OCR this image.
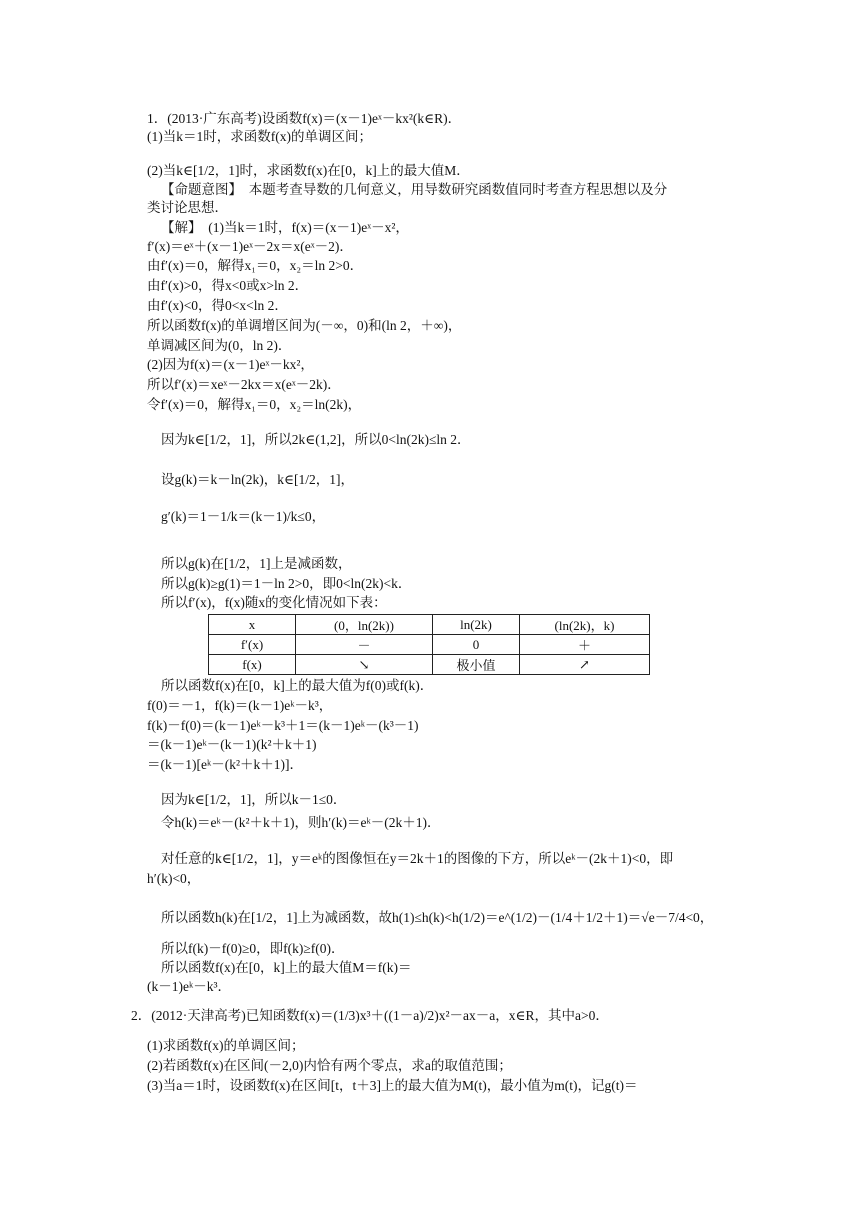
1．(2013·广东高考)设函数f(x)＝(x－1)eˣ－kx²(k∈R)．
(1)当k＝1时，求函数f(x)的单调区间；
(2)当k∈[1/2，1]时，求函数f(x)在[0，k]上的最大值M．
【命题意图】　本题考查导数的几何意义，用导数研究函数值同时考查方程思想以及分
类讨论思想．
【解】　(1)当k＝1时，f(x)＝(x－1)eˣ－x²，
f′(x)＝eˣ＋(x－1)eˣ－2x＝x(eˣ－2)．
由f′(x)＝0，解得x₁＝0，x₂＝ln 2>0．
由f′(x)>0，得x<0或x>ln 2．
由f′(x)<0，得0<x<ln 2．
所以函数f(x)的单调增区间为(－∞，0)和(ln 2，＋∞)，
单调减区间为(0，ln 2)．
(2)因为f(x)＝(x－1)eˣ－kx²，
所以f′(x)＝xeˣ－2kx＝x(eˣ－2k)．
令f′(x)＝0，解得x₁＝0，x₂＝ln(2k)，
因为k∈[1/2，1]，所以2k∈(1,2]，所以0<ln(2k)≤ln 2．
设g(k)＝k－ln(2k)，k∈[1/2，1]，
g′(k)＝1－1/k＝(k－1)/k≤0，
所以g(k)在[1/2，1]上是减函数，
所以g(k)≥g(1)＝1－ln 2>0，即0<ln(2k)<k．
所以f′(x)，f(x)随x的变化情况如下表：
x	(0，ln(2k))	ln(2k)	(ln(2k)，k)
f′(x)	－	0	＋
f(x)	↘	极小值	↗
所以函数f(x)在[0，k]上的最大值为f(0)或f(k)．
f(0)＝－1，f(k)＝(k－1)eᵏ－k³，
f(k)－f(0)＝(k－1)eᵏ－k³＋1＝(k－1)eᵏ－(k³－1)
＝(k－1)eᵏ－(k－1)(k²＋k＋1)
＝(k－1)[eᵏ－(k²＋k＋1)]．
因为k∈[1/2，1]，所以k－1≤0．
令h(k)＝eᵏ－(k²＋k＋1)，则h′(k)＝eᵏ－(2k＋1)．
对任意的k∈[1/2，1]，y＝eᵏ的图像恒在y＝2k＋1的图像的下方，所以eᵏ－(2k＋1)<0，即
h′(k)<0，
所以函数h(k)在[1/2，1]上为减函数，故h(1)≤h(k)<h(1/2)＝e^(1/2)－(1/4＋1/2＋1)＝√e－7/4<0，
所以f(k)－f(0)≥0，即f(k)≥f(0)．
所以函数f(x)在[0，k]上的最大值M＝f(k)＝
(k－1)eᵏ－k³．
2．(2012·天津高考)已知函数f(x)＝(1/3)x³＋((1－a)/2)x²－ax－a，x∈R，其中a>0．
(1)求函数f(x)的单调区间；
(2)若函数f(x)在区间(－2,0)内恰有两个零点，求a的取值范围；
(3)当a＝1时，设函数f(x)在区间[t，t＋3]上的最大值为M(t)，最小值为m(t)，记g(t)＝
